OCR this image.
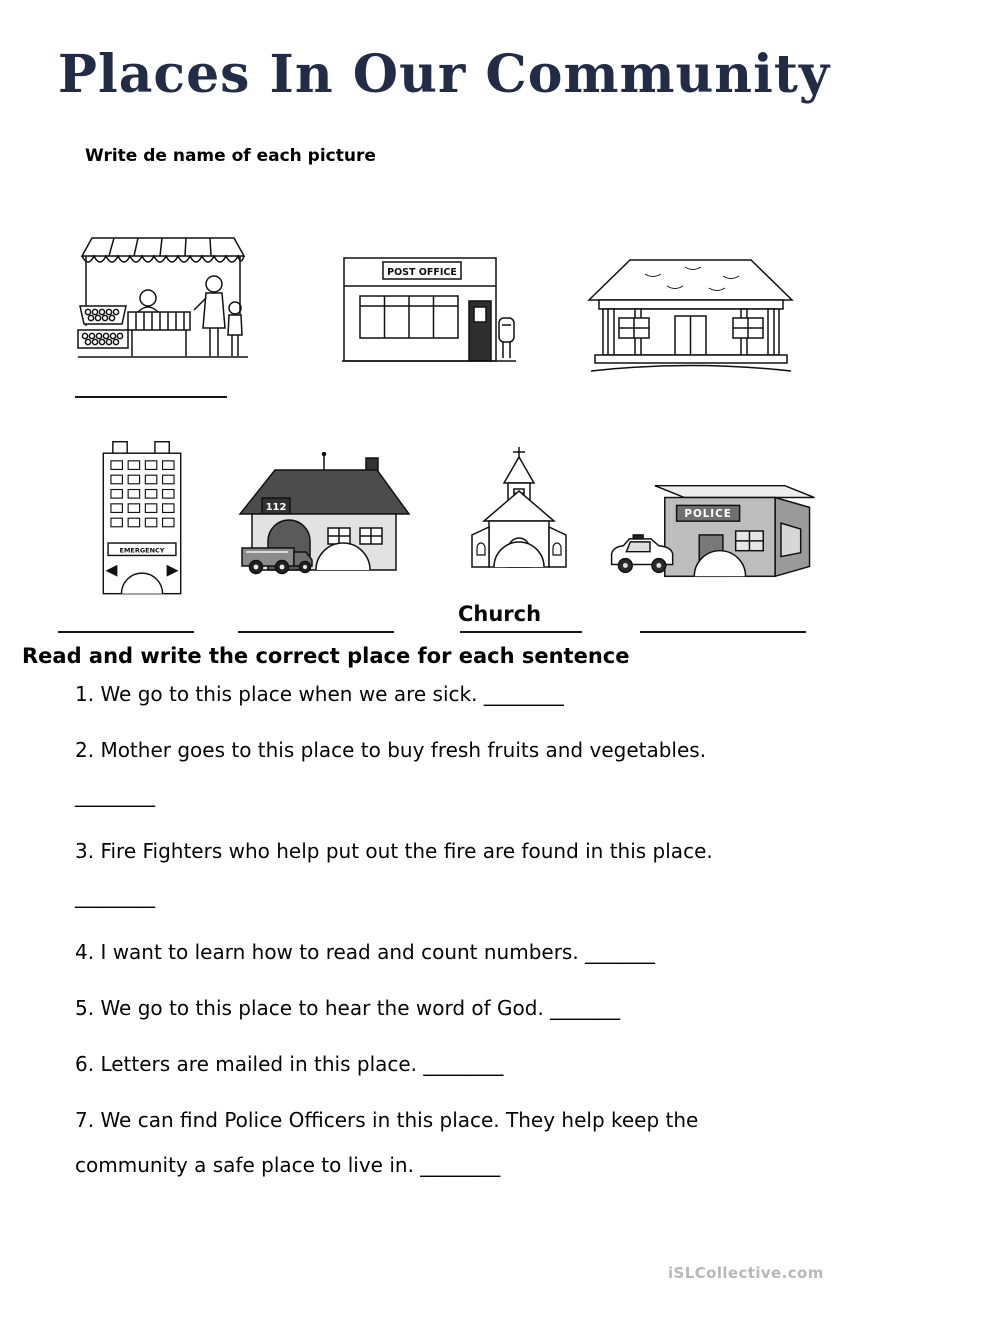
Places In Our Community
Write de name of each picture
POST OFFICE
EMERGENCY
112
POLICE
Church
Read and write the correct place for each sentence

1. We go to this place when we are sick. ________

2. Mother goes to this place to buy fresh fruits and vegetables. ________

3. Fire Fighters who help put out the fire are found in this place. ________

4. I want to learn how to read and count numbers. _______

5. We go to this place to hear the word of God. _______

6. Letters are mailed in this place. ________

7. We can find Police Officers in this place. They help keep the community a safe place to live in. ________

iSLCollective.com
